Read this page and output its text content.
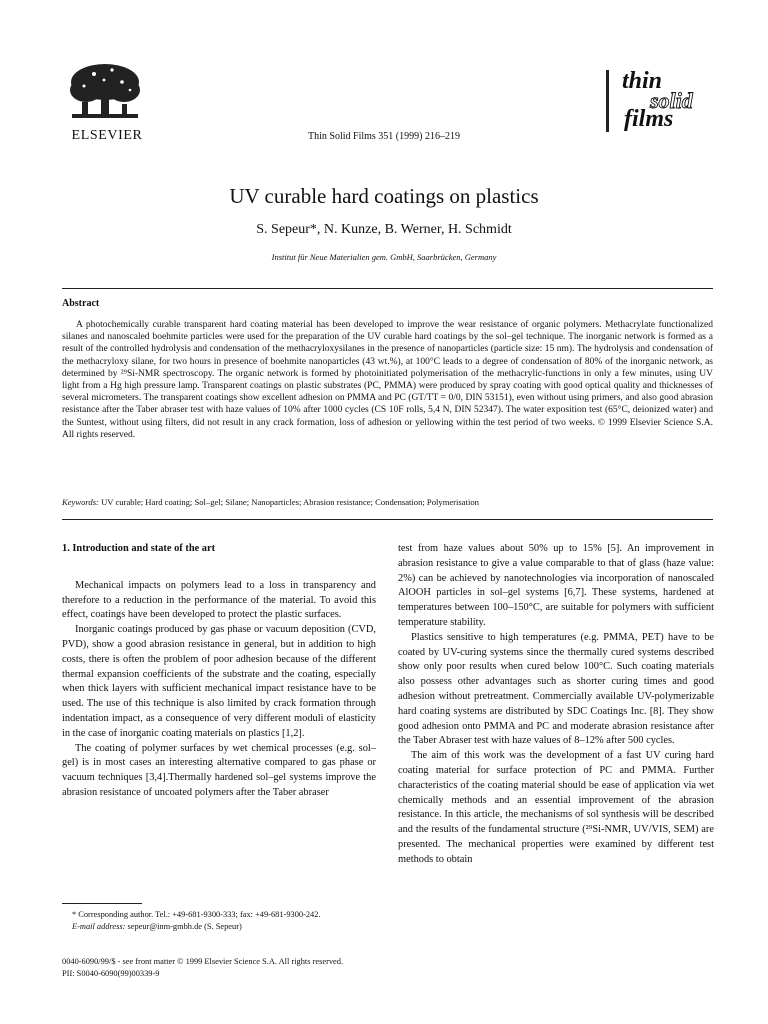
ELSEVIER	Thin Solid Films 351 (1999) 216–219
thin
solid
films
UV curable hard coatings on plastics
S. Sepeur*, N. Kunze, B. Werner, H. Schmidt
Institut für Neue Materialien gem. GmbH, Saarbrücken, Germany
Abstract

A photochemically curable transparent hard coating material has been developed to improve the wear resistance of organic polymers. Methacrylate functionalized silanes and nanoscaled boehmite particles were used for the preparation of the UV curable hard coatings by the sol–gel technique. The inorganic network is formed as a result of the controlled hydrolysis and condensation of the methacryloxysilanes in the presence of nanoparticles (particle size: 15 nm). The hydrolysis and condensation of the methacryloxy silane, for two hours in presence of boehmite nanoparticles (43 wt.%), at 100°C leads to a degree of condensation of 80% of the inorganic network, as determined by ²⁹Si-NMR spectroscopy. The organic network is formed by photoinitiated polymerisation of the methacrylic-functions in only a few minutes, using UV light from a Hg high pressure lamp. Transparent coatings on plastic substrates (PC, PMMA) were produced by spray coating with good optical quality and thicknesses of several micrometers. The transparent coatings show excellent adhesion on PMMA and PC (GT/TT = 0/0, DIN 53151), even without using primers, and also good abrasion resistance after the Taber abraser test with haze values of 10% after 1000 cycles (CS 10F rolls, 5,4 N, DIN 52347). The water exposition test (65°C, deionized water) and the Suntest, without using filters, did not result in any crack formation, loss of adhesion or yellowing within the test period of two weeks. © 1999 Elsevier Science S.A. All rights reserved.

Keywords: UV curable; Hard coating; Sol–gel; Silane; Nanoparticles; Abrasion resistance; Condensation; Polymerisation
1. Introduction and state of the art

Mechanical impacts on polymers lead to a loss in transparency and therefore to a reduction in the performance of the material. To avoid this effect, coatings have been developed to protect the plastic surfaces.

Inorganic coatings produced by gas phase or vacuum deposition (CVD, PVD), show a good abrasion resistance in general, but in addition to high costs, there is often the problem of poor adhesion because of the different thermal expansion coefficients of the substrate and the coating, especially when thick layers with sufficient mechanical impact resistance have to be used. The use of this technique is also limited by crack formation through indentation impact, as a consequence of very different moduli of elasticity in the case of inorganic coating materials on plastics [1,2].

The coating of polymer surfaces by wet chemical processes (e.g. sol–gel) is in most cases an interesting alternative compared to gas phase or vacuum techniques [3,4].Thermally hardened sol–gel systems improve the abrasion resistance of uncoated polymers after the Taber abraser

test from haze values about 50% up to 15% [5]. An improvement in abrasion resistance to give a value comparable to that of glass (haze value: 2%) can be achieved by nanotechnologies via incorporation of nanoscaled AlOOH particles in sol–gel systems [6,7]. These systems, hardened at temperatures between 100–150°C, are suitable for polymers with sufficient temperature stability.

Plastics sensitive to high temperatures (e.g. PMMA, PET) have to be coated by UV-curing systems since the thermally cured systems described show only poor results when cured below 100°C. Such coating materials also possess other advantages such as shorter curing times and good adhesion without pretreatment. Commercially available UV-polymerizable hard coating systems are distributed by SDC Coatings Inc. [8]. They show good adhesion onto PMMA and PC and moderate abrasion resistance after the Taber Abraser test with haze values of 8–12% after 500 cycles.

The aim of this work was the development of a fast UV curing hard coating material for surface protection of PC and PMMA. Further characteristics of the coating material should be ease of application via wet chemically methods and an essential improvement of the abrasion resistance. In this article, the mechanisms of sol synthesis will be described and the results of the fundamental structure (²⁹Si-NMR, UV/VIS, SEM) are presented. The mechanical properties were examined by different test methods to obtain

* Corresponding author. Tel.: +49-681-9300-333; fax: +49-681-9300-242.

E-mail address: sepeur@inm-gmbh.de (S. Sepeur)

0040-6090/99/$ - see front matter © 1999 Elsevier Science S.A. All rights reserved.
PII: S0040-6090(99)00339-9
